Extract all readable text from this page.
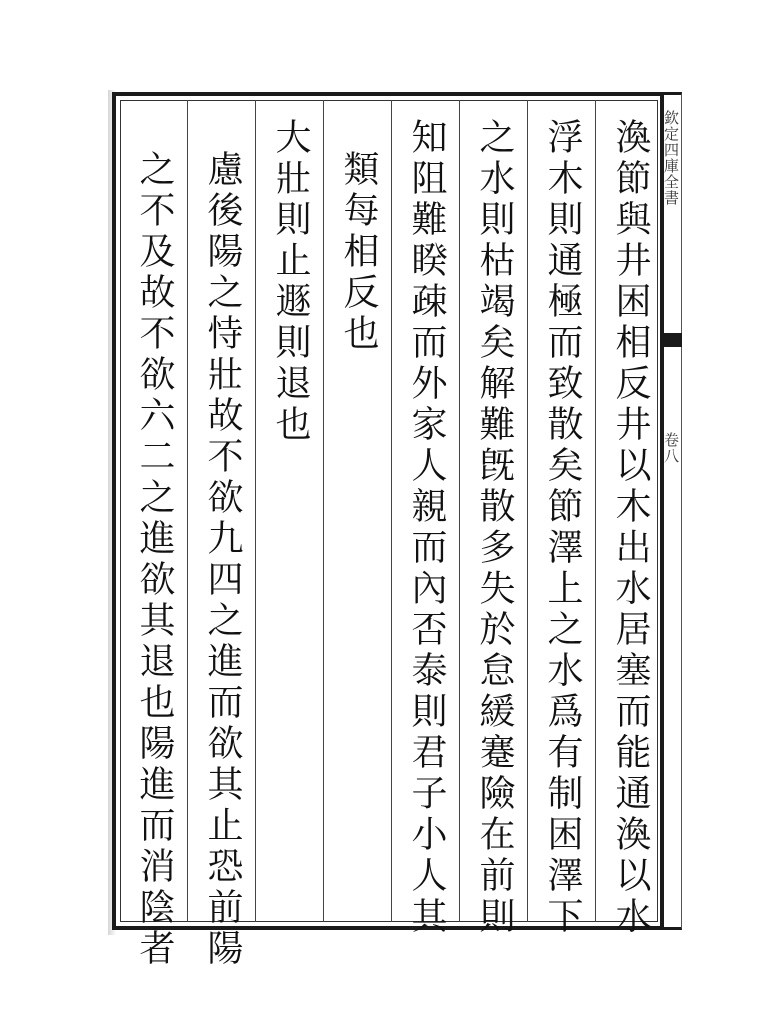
欽定四庫全書
卷八
渙節與井困相反井以木出水居塞而能通渙以水
浮木則通極而致散矣節澤上之水爲有制困澤下
之水則枯竭矣解難旣散多失於怠緩蹇險在前則
知阻難睽疎而外家人親而內否泰則君子小人其
類每相反也
大壯則止遯則退也
慮後陽之恃壯故不欲九四之進而欲其止恐前陽
之不及故不欲六二之進欲其退也陽進而消陰者
